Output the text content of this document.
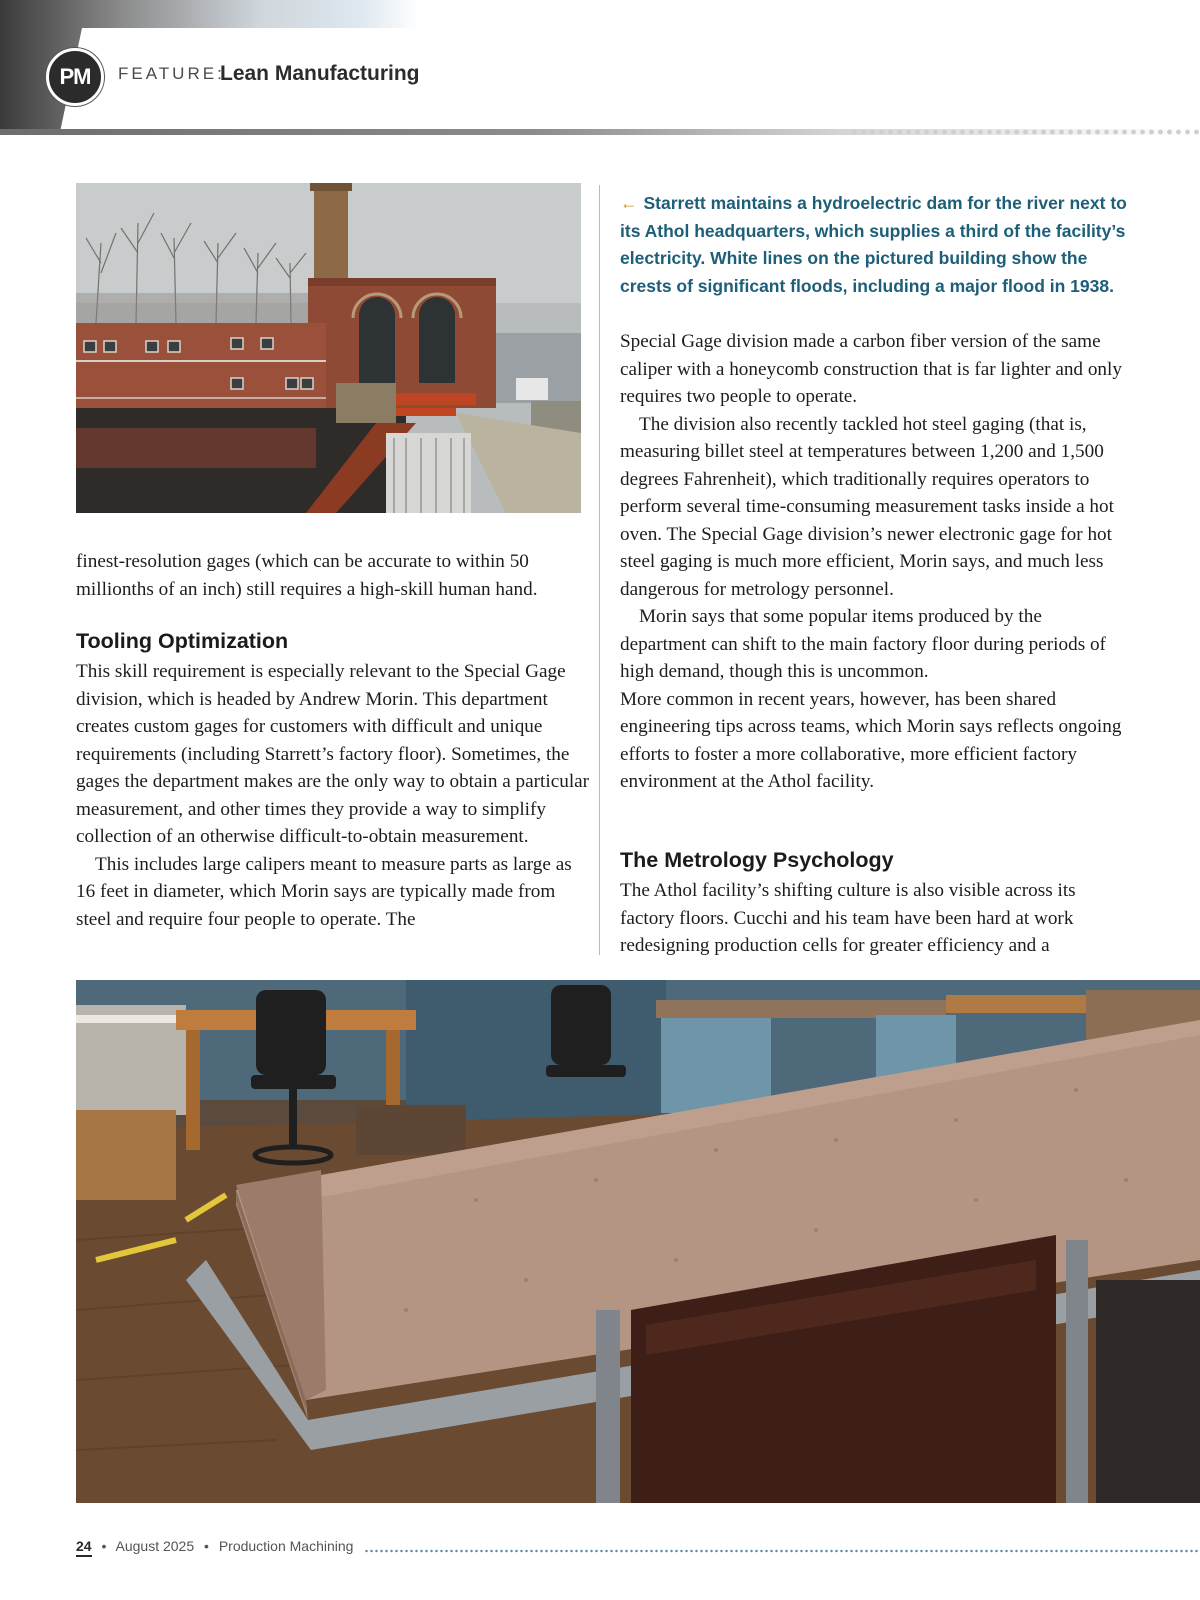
PM	FEATURE:
Lean Manufacturing
← Starrett maintains a hydroelectric dam for the river next to its Athol headquarters, which supplies a third of the facility’s electricity. White lines on the pictured building show the crests of significant floods, including a major flood in 1938.

finest-resolution gages (which can be accurate to within 50 millionths of an inch) still requires a high-skill human hand.

Tooling Optimization

This skill requirement is especially relevant to the Special Gage division, which is headed by Andrew Morin. This department creates custom gages for customers with difficult and unique requirements (including Starrett’s factory floor). Sometimes, the gages the department makes are the only way to obtain a particular measurement, and other times they provide a way to simplify collection of an otherwise difficult-to-obtain measurement.

This includes large calipers meant to measure parts as large as 16 feet in diameter, which Morin says are typically made from steel and require four people to operate. The

Special Gage division made a carbon fiber version of the same caliper with a honeycomb construction that is far lighter and only requires two people to operate.

The division also recently tackled hot steel gaging (that is, measuring billet steel at temperatures between 1,200 and 1,500 degrees Fahrenheit), which traditionally requires operators to perform several time-consuming measurement tasks inside a hot oven. The Special Gage division’s newer electronic gage for hot steel gaging is much more efficient, Morin says, and much less dangerous for metrology personnel.

Morin says that some popular items produced by the department can shift to the main factory floor during periods of high demand, though this is uncommon.

More common in recent years, however, has been shared engineering tips across teams, which Morin says reflects ongoing efforts to foster a more collaborative, more efficient factory environment at the Athol facility.

The Metrology Psychology

The Athol facility’s shifting culture is also visible across its factory floors. Cucchi and his team have been hard at work redesigning production cells for greater efficiency and a

24 • August 2025 • Production Machining
